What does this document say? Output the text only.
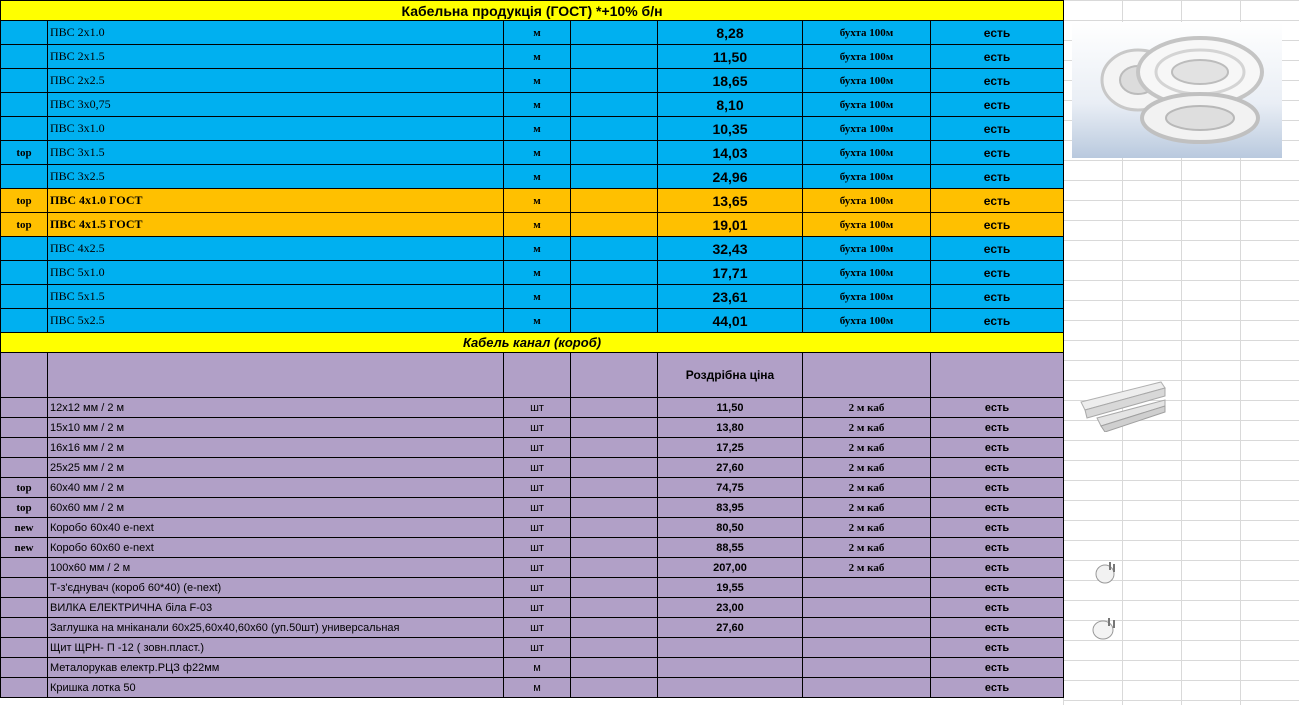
Кабельна продукція (ГОСТ) *+10% б/н						
	ПВС 2х1.0	м		8,28	бухта 100м	есть
	ПВС 2х1.5	м		11,50	бухта 100м	есть
	ПВС 2х2.5	м		18,65	бухта 100м	есть
	ПВС 3х0,75	м		8,10	бухта 100м	есть
	ПВС 3х1.0	м		10,35	бухта 100м	есть
top	ПВС 3х1.5	м		14,03	бухта 100м	есть
	ПВС 3х2.5	м		24,96	бухта 100м	есть
top	ПВС 4х1.0 ГОСТ	м		13,65	бухта 100м	есть
top	ПВС 4х1.5 ГОСТ	м		19,01	бухта 100м	есть
	ПВС 4х2.5	м		32,43	бухта 100м	есть
	ПВС 5х1.0	м		17,71	бухта 100м	есть
	ПВС 5х1.5	м		23,61	бухта 100м	есть
	ПВС 5х2.5	м		44,01	бухта 100м	есть
Кабель канал (короб)						
				Роздрібна ціна		
	12х12 мм / 2 м	шт		11,50	2 м каб	есть
	15х10 мм / 2 м	шт		13,80	2 м каб	есть
	16х16 мм / 2 м	шт		17,25	2 м каб	есть
	25х25 мм / 2 м	шт		27,60	2 м каб	есть
top	60х40 мм / 2 м	шт		74,75	2 м каб	есть
top	60х60 мм / 2 м	шт		83,95	2 м каб	есть
new	Коробо 60х40 e-next	шт		80,50	2 м каб	есть
new	Коробо 60х60 e-next	шт		88,55	2 м каб	есть
	100х60 мм / 2 м	шт		207,00	2 м каб	есть
	Т-з'єднувач (короб 60*40) (e-next)	шт		19,55		есть
	ВИЛКА ЕЛЕКТРИЧНА біла F-03	шт		23,00		есть
	Заглушка на мніканали 60х25,60х40,60х60 (уп.50шт) универсальная	шт		27,60		есть
	Щит ЩРН- П -12 ( зовн.пласт.)	шт				есть
	Металорукав електр.РЦЗ ф22мм	м				есть
	Кришка лотка 50	м				есть
